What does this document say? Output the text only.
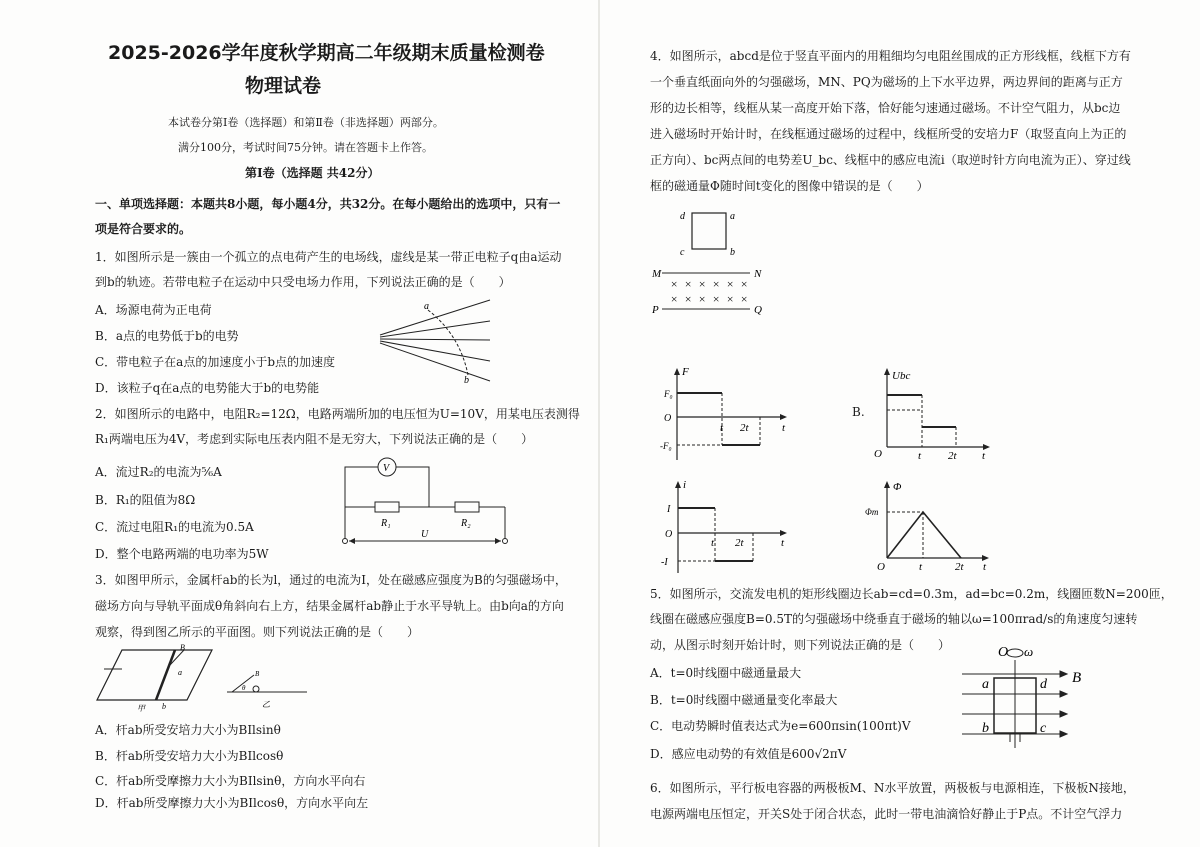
2025-2026学年度秋学期高二年级期末质量检测卷
物理试卷
本试卷分第Ⅰ卷（选择题）和第Ⅱ卷（非选择题）两部分。
满分100分，考试时间75分钟。请在答题卡上作答。
第Ⅰ卷（选择题 共42分）
一、单项选择题：本题共8小题，每小题4分，共32分。在每小题给出的选项中，只有一
项是符合要求的。
1．如图所示是一簇由一个孤立的点电荷产生的电场线，虚线是某一带正电粒子q由a运动
到b的轨迹。若带电粒子在运动中只受电场力作用，下列说法正确的是（　　）
A．场源电荷为正电荷
B．a点的电势低于b的电势
C．带电粒子在a点的加速度小于b点的加速度
D．该粒子q在a点的电势能大于b的电势能
a
b
2．如图所示的电路中，电阻R₂=12Ω，电路两端所加的电压恒为U=10V，用某电压表测得
R₁两端电压为4V，考虑到实际电压表内阻不是无穷大，下列说法正确的是（　　）
A．流过R₂的电流为⅚A
B．R₁的阻值为8Ω
C．流过电阻R₁的电流为0.5A
D．整个电路两端的电功率为5W
V
R₁	R₂
U
3．如图甲所示，金属杆ab的长为l，通过的电流为I，处在磁感应强度为B的匀强磁场中，
磁场方向与导轨平面成θ角斜向右上方，结果金属杆ab静止于水平导轨上。由b向a的方向
观察，得到图乙所示的平面图。则下列说法正确的是（　　）
B
a
b
甲
B
θ
乙
A．杆ab所受安培力大小为BIlsinθ
B．杆ab所受安培力大小为BIlcosθ
C．杆ab所受摩擦力大小为BIlsinθ，方向水平向右
D．杆ab所受摩擦力大小为BIlcosθ，方向水平向左
4．如图所示，abcd是位于竖直平面内的用粗细均匀电阻丝围成的正方形线框，线框下方有
一个垂直纸面向外的匀强磁场，MN、PQ为磁场的上下水平边界，两边界间的距离与正方
形的边长相等，线框从某一高度开始下落，恰好能匀速通过磁场。不计空气阻力，从bc边
进入磁场时开始计时，在线框通过磁场的过程中，线框所受的安培力F（取竖直向上为正的
正方向）、bc两点间的电势差U_bc、线框中的感应电流i（取逆时针方向电流为正）、穿过线
框的磁通量Φ随时间t变化的图像中错误的是（　　）
d	a
c	b
M	N
P	Q
× × × × × ×
× × × × × ×
F
F₀
O
-F₀
t 2t	t
B.
Ubc
O	t 2t t
i
I
O
-I
t 2t	t
Φ
Φm
O	t	2t t
5．如图所示，交流发电机的矩形线圈边长ab=cd=0.3m，ad=bc=0.2m，线圈匝数N=200匝，
线圈在磁感应强度B=0.5T的匀强磁场中绕垂直于磁场的轴以ω=100πrad/s的角速度匀速转
动，从图示时刻开始计时，则下列说法正确的是（　　）
A．t=0时线圈中磁通量最大
B．t=0时线圈中磁通量变化率最大
C．电动势瞬时值表达式为e=600πsin(100πt)V
D．感应电动势的有效值是600√2πV
O ω
B
a	d
b	c
6．如图所示，平行板电容器的两极板M、N水平放置，两极板与电源相连，下极板N接地，
电源两端电压恒定，开关S处于闭合状态，此时一带电油滴恰好静止于P点。不计空气浮力
